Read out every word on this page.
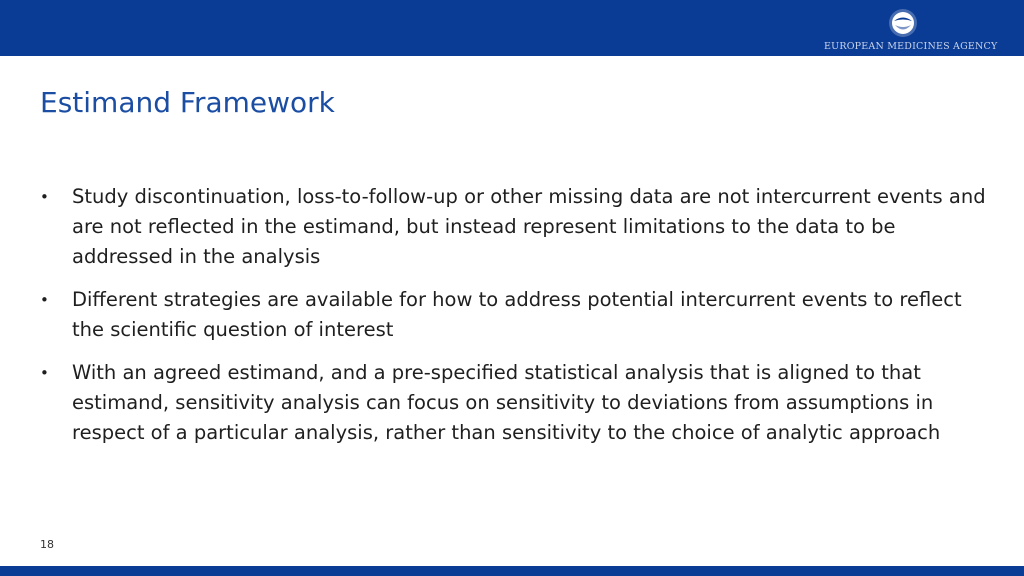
EUROPEAN MEDICINES AGENCY
Estimand Framework
• Study discontinuation, loss-to-follow-up or other missing data are not intercurrent events and are not reflected in the estimand, but instead represent limitations to the data to be addressed in the analysis
• Different strategies are available for how to address potential intercurrent events to reflect the scientific question of interest
• With an agreed estimand, and a pre-specified statistical analysis that is aligned to that estimand, sensitivity analysis can focus on sensitivity to deviations from assumptions in respect of a particular analysis, rather than sensitivity to the choice of analytic approach
18
